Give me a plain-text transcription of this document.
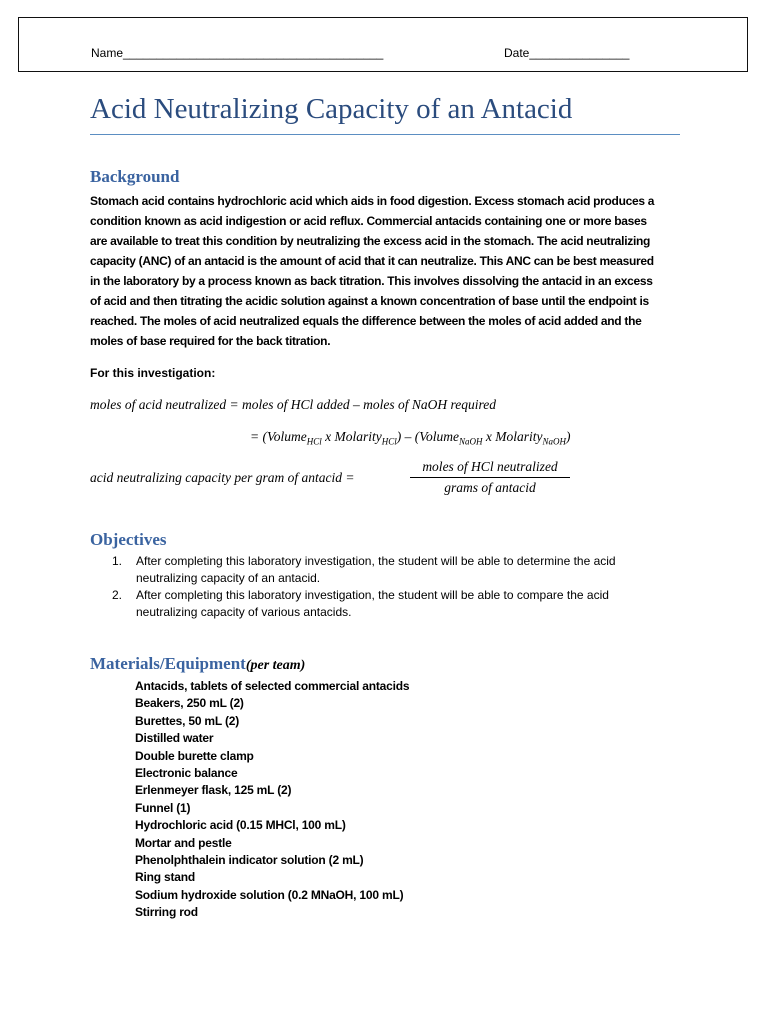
Name_______________________________________	Date_______________
Acid Neutralizing Capacity of an Antacid
Background
Stomach acid contains hydrochloric acid which aids in food digestion. Excess stomach acid produces a
condition known as acid indigestion or acid reflux. Commercial antacids containing one or more bases
are available to treat this condition by neutralizing the excess acid in the stomach. The acid neutralizing
capacity (ANC) of an antacid is the amount of acid that it can neutralize. This ANC can be best measured
in the laboratory by a process known as back titration. This involves dissolving the antacid in an excess
of acid and then titrating the acidic solution against a known concentration of base until the endpoint is
reached. The moles of acid neutralized equals the difference between the moles of acid added and the
moles of base required for the back titration.
For this investigation:
moles of acid neutralized = moles of HCl added – moles of NaOH required
= (Volume$_{HCl}$ x Molarity$_{HCl}$) – (Volume$_{NaOH}$ x Molarity$_{NaOH}$)
acid neutralizing capacity per gram of antacid =
moles of HCl neutralized
grams of antacid
Objectives
1. After completing this laboratory investigation, the student will be able to determine the acid
neutralizing capacity of an antacid.
2. After completing this laboratory investigation, the student will be able to compare the acid
neutralizing capacity of various antacids.
Materials/Equipment(per team)
Antacids, tablets of selected commercial antacids
Beakers, 250 mL (2)
Burettes, 50 mL (2)
Distilled water
Double burette clamp
Electronic balance
Erlenmeyer flask, 125 mL (2)
Funnel (1)
Hydrochloric acid (0.15 MHCl, 100 mL)
Mortar and pestle
Phenolphthalein indicator solution (2 mL)
Ring stand
Sodium hydroxide solution (0.2 MNaOH, 100 mL)
Stirring rod
